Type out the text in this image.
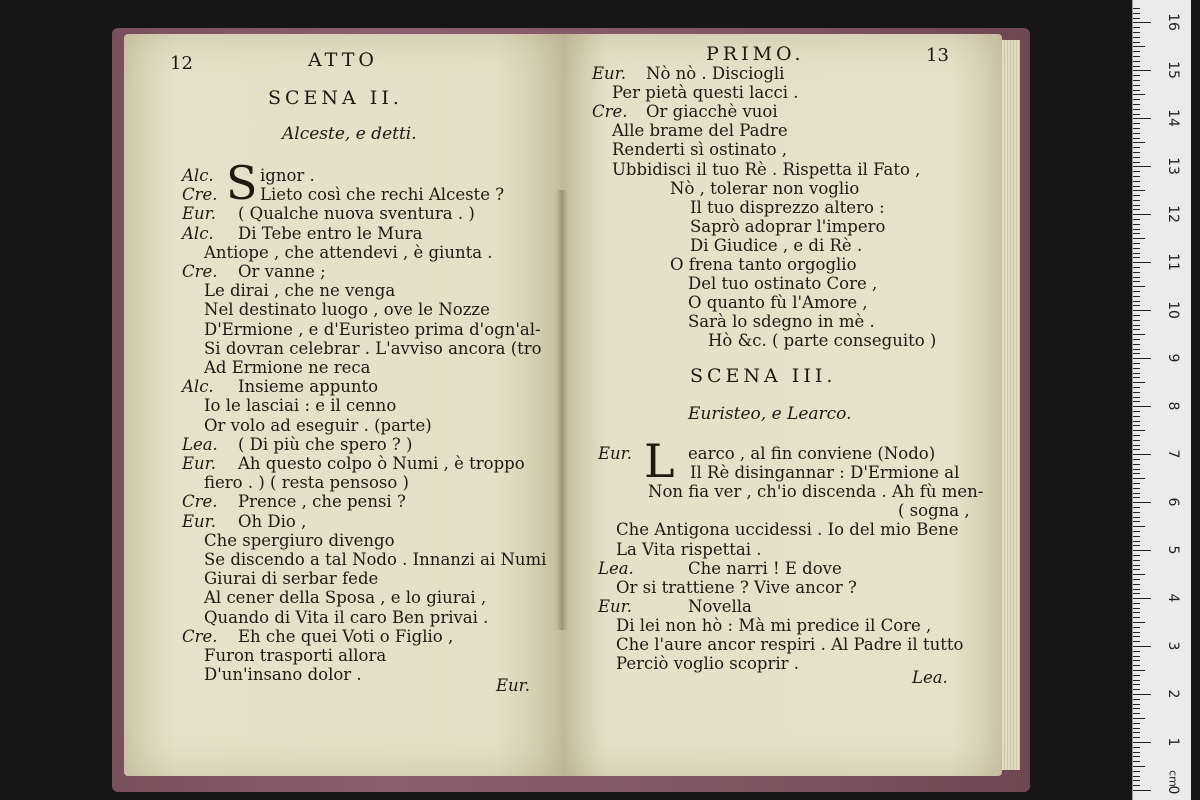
12	ATTO
SCENA II.
Alceste, e detti.
S
Alc.	ignor .
Cre.	Lieto così che rechi Alceste ?
Eur. ( Qualche nuova sventura . )
Alc. Di Tebe entro le Mura
Antiope , che attendevi , è giunta .
Cre. Or vanne ;
Le dirai , che ne venga
Nel destinato luogo , ove le Nozze
D'Ermione , e d'Euristeo prima d'ogn'al-
Si dovran celebrar . L'avviso ancora (tro
Ad Ermione ne reca
Alc. Insieme appunto
Io le lasciai : e il cenno
Or volo ad eseguir . (parte)
Lea. ( Di più che spero ? )
Eur. Ah questo colpo ò Numi , è troppo
fiero . ) ( resta pensoso )
Cre. Prence , che pensi ?
Eur. Oh Dio ,
Che spergiuro divengo
Se discendo a tal Nodo . Innanzi ai Numi
Giurai di serbar fede
Al cener della Sposa , e lo giurai ,
Quando di Vita il caro Ben privai .
Cre. Eh che quei Voti o Figlio ,
Furon trasporti allora
D'un'insano dolor .
Eur.
PRIMO.	13
Eur. Nò nò . Disciogli
Per pietà questi lacci .
Cre. Or giacchè vuoi
Alle brame del Padre
Renderti sì ostinato ,
Ubbidisci il tuo Rè . Rispetta il Fato ,
Nò , tolerar non voglio
Il tuo disprezzo altero :
Saprò adoprar l'impero
Di Giudice , e di Rè .
O frena tanto orgoglio
Del tuo ostinato Core ,
O quanto fù l'Amore ,
Sarà lo sdegno in mè .
Hò &c. ( parte conseguito )
SCENA III.
Euristeo, e Learco.
L
Eur.	earco , al fin conviene (Nodo)
Il Rè disingannar : D'Ermione al
Non fia ver , ch'io discenda . Ah fù men-
( sogna ,
Che Antigona uccidessi . Io del mio Bene
La Vita rispettai .
Lea.	Che narri ! E dove
Or si trattiene ? Vive ancor ?
Eur.	Novella
Di lei non hò : Mà mi predice il Core ,
Che l'aure ancor respiri . Al Padre il tutto
Perciò voglio scoprir .
Lea.
0
1
2
3
4
5
6
7
8
9
10
11
12
13
14
15
16
cm
